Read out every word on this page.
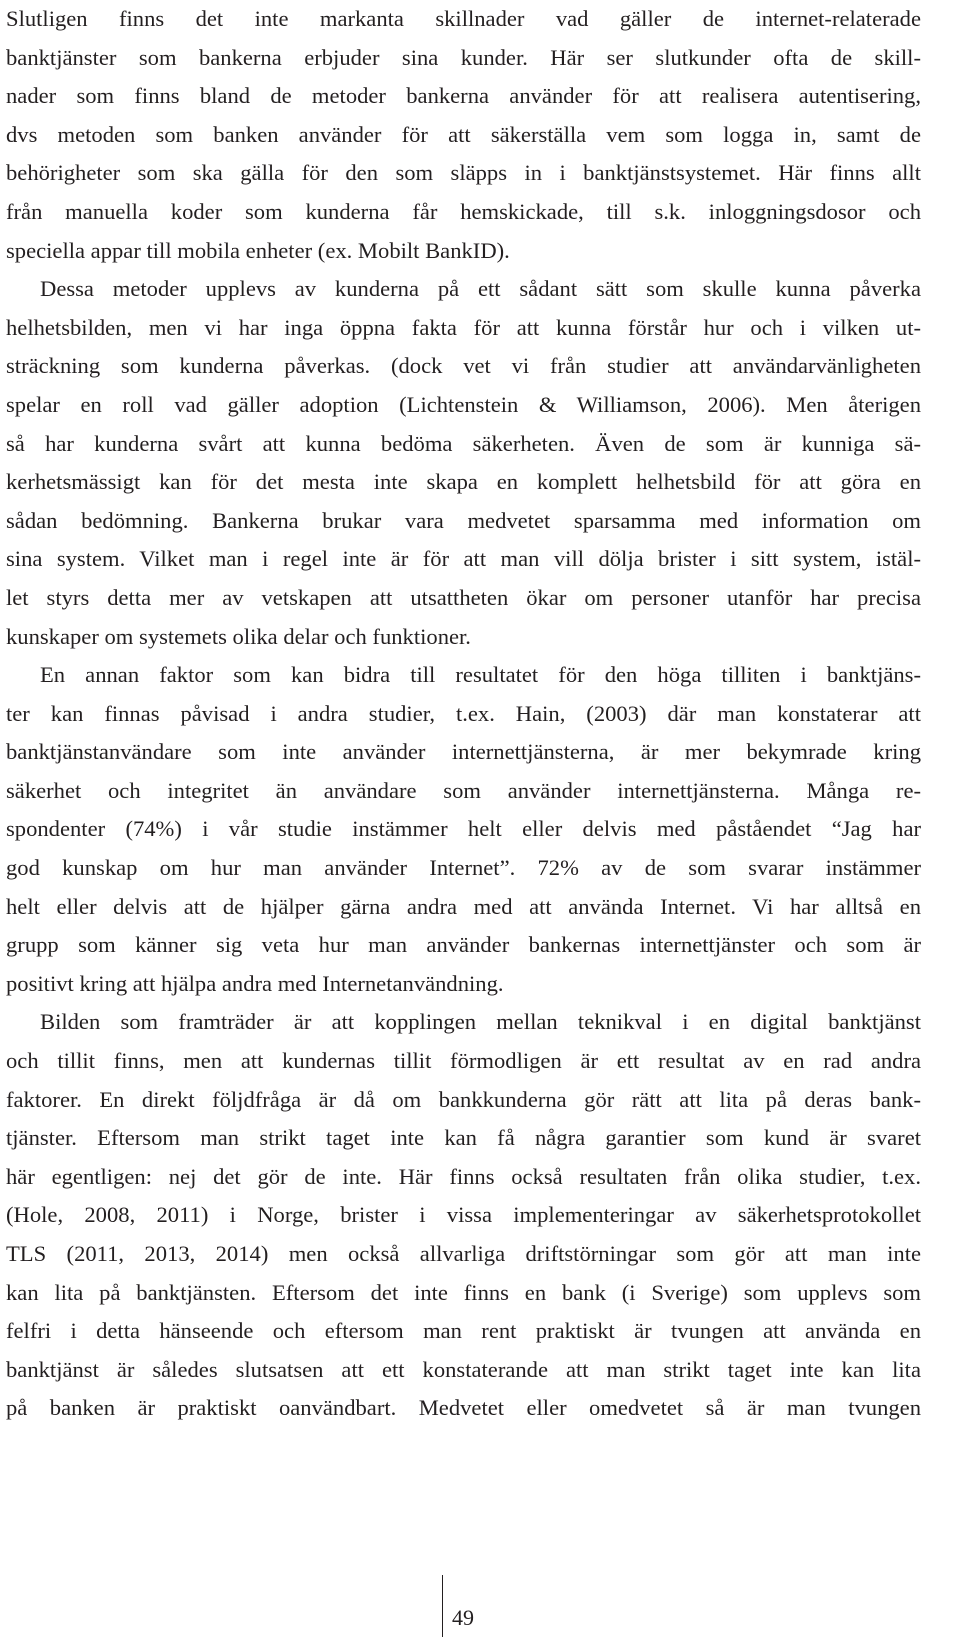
Slutligen finns det inte markanta skillnader vad gäller de internet-relaterade
banktjänster som bankerna erbjuder sina kunder. Här ser slutkunder ofta de skill-
nader som finns bland de metoder bankerna använder för att realisera autentisering,
dvs metoden som banken använder för att säkerställa vem som logga in, samt de
behörigheter som ska gälla för den som släpps in i banktjänstsystemet. Här finns allt
från manuella koder som kunderna får hemskickade, till s.k. inloggningsdosor och
speciella appar till mobila enheter (ex. Mobilt BankID).

Dessa metoder upplevs av kunderna på ett sådant sätt som skulle kunna påverka
helhetsbilden, men vi har inga öppna fakta för att kunna förstår hur och i vilken ut-
sträckning som kunderna påverkas. (dock vet vi från studier att användarvänligheten
spelar en roll vad gäller adoption (Lichtenstein & Williamson, 2006). Men återigen
så har kunderna svårt att kunna bedöma säkerheten. Även de som är kunniga sä-
kerhetsmässigt kan för det mesta inte skapa en komplett helhetsbild för att göra en
sådan bedömning. Bankerna brukar vara medvetet sparsamma med information om
sina system. Vilket man i regel inte är för att man vill dölja brister i sitt system, istäl-
let styrs detta mer av vetskapen att utsattheten ökar om personer utanför har precisa
kunskaper om systemets olika delar och funktioner.

En annan faktor som kan bidra till resultatet för den höga tilliten i banktjäns-
ter kan finnas påvisad i andra studier, t.ex. Hain, (2003) där man konstaterar att
banktjänstanvändare som inte använder internettjänsterna, är mer bekymrade kring
säkerhet och integritet än användare som använder internettjänsterna. Många re-
spondenter (74%) i vår studie instämmer helt eller delvis med påståendet “Jag har
god kunskap om hur man använder Internet”. 72% av de som svarar instämmer
helt eller delvis att de hjälper gärna andra med att använda Internet. Vi har alltså en
grupp som känner sig veta hur man använder bankernas internettjänster och som är
positivt kring att hjälpa andra med Internetanvändning.

Bilden som framträder är att kopplingen mellan teknikval i en digital banktjänst
och tillit finns, men att kundernas tillit förmodligen är ett resultat av en rad andra
faktorer. En direkt följdfråga är då om bankkunderna gör rätt att lita på deras bank-
tjänster. Eftersom man strikt taget inte kan få några garantier som kund är svaret
här egentligen: nej det gör de inte. Här finns också resultaten från olika studier, t.ex.
(Hole, 2008, 2011) i Norge, brister i vissa implementeringar av säkerhetsprotokollet
TLS (2011, 2013, 2014) men också allvarliga driftstörningar som gör att man inte
kan lita på banktjänsten. Eftersom det inte finns en bank (i Sverige) som upplevs som
felfri i detta hänseende och eftersom man rent praktiskt är tvungen att använda en
banktjänst är således slutsatsen att ett konstaterande att man strikt taget inte kan lita
på banken är praktiskt oanvändbart. Medvetet eller omedvetet så är man tvungen

49
